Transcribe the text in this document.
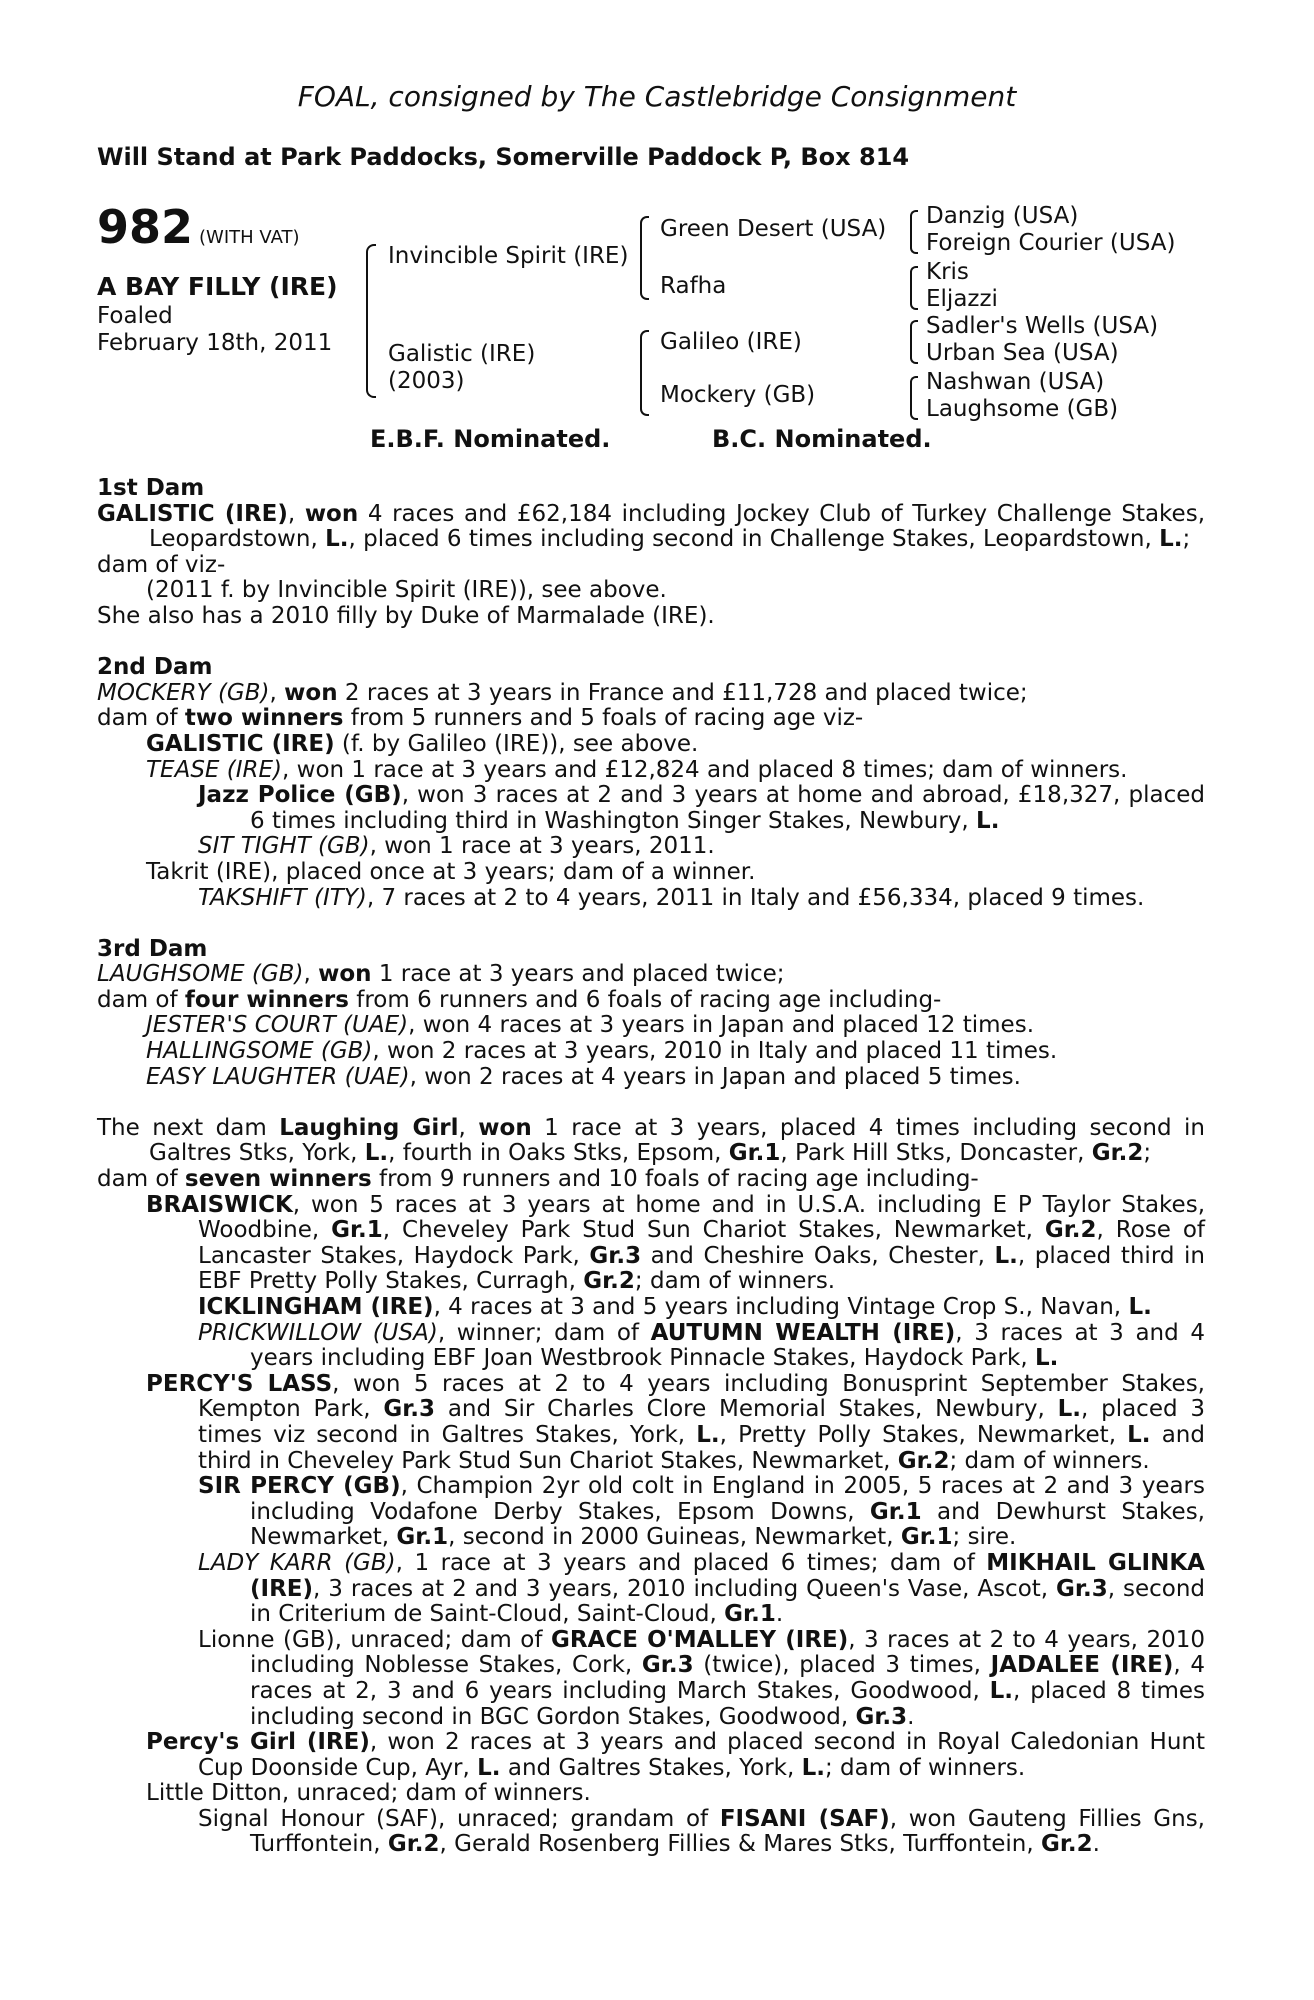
FOAL, consigned by The Castlebridge Consignment
Will Stand at Park Paddocks, Somerville Paddock P, Box 814
982 (WITH VAT)
A BAY FILLY (IRE)
Foaled
February 18th, 2011
Invincible Spirit (IRE)
Galistic (IRE)
(2003)
Green Desert (USA)
Rafha
Galileo (IRE)
Mockery (GB)
Danzig (USA)
Foreign Courier (USA)
Kris
Eljazzi
Sadler's Wells (USA)
Urban Sea (USA)
Nashwan (USA)
Laughsome (GB)
E.B.F. Nominated.	B.C. Nominated.
1st Dam
GALISTIC (IRE), won 4 races and £62,184 including Jockey Club of Turkey Challenge Stakes, Leopardstown, L., placed 6 times including second in Challenge Stakes, Leopardstown, L.;
dam of viz-
(2011 f. by Invincible Spirit (IRE)), see above.
She also has a 2010 filly by Duke of Marmalade (IRE).
2nd Dam
MOCKERY (GB), won 2 races at 3 years in France and £11,728 and placed twice;
dam of two winners from 5 runners and 5 foals of racing age viz-
GALISTIC (IRE) (f. by Galileo (IRE)), see above.
TEASE (IRE), won 1 race at 3 years and £12,824 and placed 8 times; dam of winners.
Jazz Police (GB), won 3 races at 2 and 3 years at home and abroad, £18,327, placed 6 times including third in Washington Singer Stakes, Newbury, L.
SIT TIGHT (GB), won 1 race at 3 years, 2011.
Takrit (IRE), placed once at 3 years; dam of a winner.
TAKSHIFT (ITY), 7 races at 2 to 4 years, 2011 in Italy and £56,334, placed 9 times.
3rd Dam
LAUGHSOME (GB), won 1 race at 3 years and placed twice;
dam of four winners from 6 runners and 6 foals of racing age including-
JESTER'S COURT (UAE), won 4 races at 3 years in Japan and placed 12 times.
HALLINGSOME (GB), won 2 races at 3 years, 2010 in Italy and placed 11 times.
EASY LAUGHTER (UAE), won 2 races at 4 years in Japan and placed 5 times.
The next dam Laughing Girl, won 1 race at 3 years, placed 4 times including second in Galtres Stks, York, L., fourth in Oaks Stks, Epsom, Gr.1, Park Hill Stks, Doncaster, Gr.2;
dam of seven winners from 9 runners and 10 foals of racing age including-
BRAISWICK, won 5 races at 3 years at home and in U.S.A. including E P Taylor Stakes, Woodbine, Gr.1, Cheveley Park Stud Sun Chariot Stakes, Newmarket, Gr.2, Rose of Lancaster Stakes, Haydock Park, Gr.3 and Cheshire Oaks, Chester, L., placed third in EBF Pretty Polly Stakes, Curragh, Gr.2; dam of winners.
ICKLINGHAM (IRE), 4 races at 3 and 5 years including Vintage Crop S., Navan, L.
PRICKWILLOW (USA), winner; dam of AUTUMN WEALTH (IRE), 3 races at 3 and 4 years including EBF Joan Westbrook Pinnacle Stakes, Haydock Park, L.
PERCY'S LASS, won 5 races at 2 to 4 years including Bonusprint September Stakes, Kempton Park, Gr.3 and Sir Charles Clore Memorial Stakes, Newbury, L., placed 3 times viz second in Galtres Stakes, York, L., Pretty Polly Stakes, Newmarket, L. and third in Cheveley Park Stud Sun Chariot Stakes, Newmarket, Gr.2; dam of winners.
SIR PERCY (GB), Champion 2yr old colt in England in 2005, 5 races at 2 and 3 years including Vodafone Derby Stakes, Epsom Downs, Gr.1 and Dewhurst Stakes, Newmarket, Gr.1, second in 2000 Guineas, Newmarket, Gr.1; sire.
LADY KARR (GB), 1 race at 3 years and placed 6 times; dam of MIKHAIL GLINKA (IRE), 3 races at 2 and 3 years, 2010 including Queen's Vase, Ascot, Gr.3, second in Criterium de Saint-Cloud, Saint-Cloud, Gr.1.
Lionne (GB), unraced; dam of GRACE O'MALLEY (IRE), 3 races at 2 to 4 years, 2010 including Noblesse Stakes, Cork, Gr.3 (twice), placed 3 times, JADALEE (IRE), 4 races at 2, 3 and 6 years including March Stakes, Goodwood, L., placed 8 times including second in BGC Gordon Stakes, Goodwood, Gr.3.
Percy's Girl (IRE), won 2 races at 3 years and placed second in Royal Caledonian Hunt Cup Doonside Cup, Ayr, L. and Galtres Stakes, York, L.; dam of winners.
Little Ditton, unraced; dam of winners.
Signal Honour (SAF), unraced; grandam of FISANI (SAF), won Gauteng Fillies Gns, Turffontein, Gr.2, Gerald Rosenberg Fillies & Mares Stks, Turffontein, Gr.2.
